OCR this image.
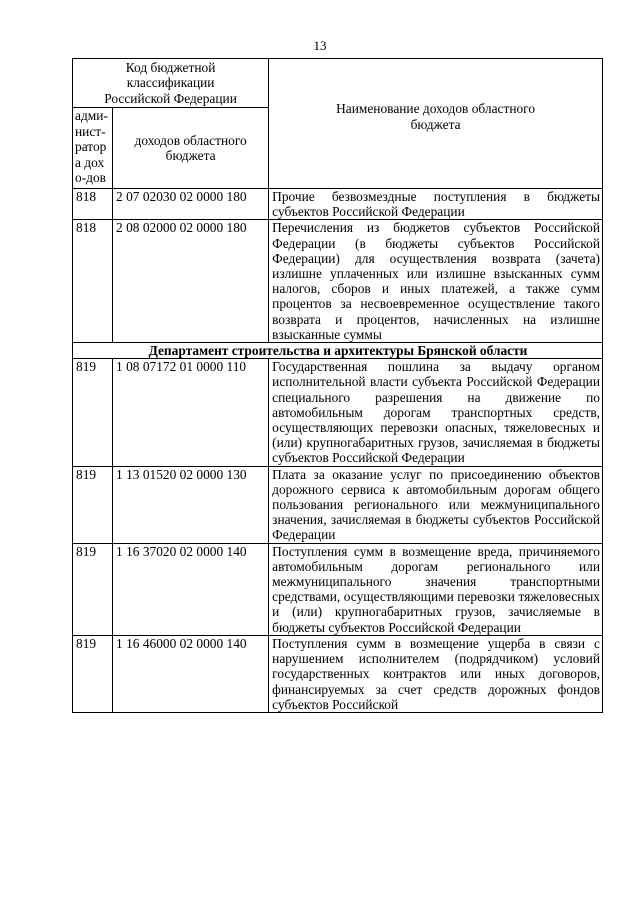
13
Код бюджетной классификации Российской Федерации		Наименование доходов областного бюджета
адми-нист-ратора дохо-дов	доходов областного бюджета	
818	2 07 02030 02 0000 180	Прочие безвозмездные поступления в бюджеты субъектов Российской Федерации
818	2 08 02000 02 0000 180	Перечисления из бюджетов субъектов Российской Федерации (в бюджеты субъектов Российской Федерации) для осуществления возврата (зачета) излишне уплаченных или излишне взысканных сумм налогов, сборов и иных платежей, а также сумм процентов за несвоевременное осуществление такого возврата и процентов, начисленных на излишне взысканные суммы
Департамент строительства и архитектуры Брянской области		
819	1 08 07172 01 0000 110	Государственная пошлина за выдачу органом исполнительной власти субъекта Российской Федерации специального разрешения на движение по автомобильным дорогам транспортных средств, осуществляющих перевозки опасных, тяжеловесных и (или) крупногабаритных грузов, зачисляемая в бюджеты субъектов Российской Федерации
819	1 13 01520 02 0000 130	Плата за оказание услуг по присоединению объектов дорожного сервиса к автомобильным дорогам общего пользования регионального или межмуниципального значения, зачисляемая в бюджеты субъектов Российской Федерации
819	1 16 37020 02 0000 140	Поступления сумм в возмещение вреда, причиняемого автомобильным дорогам регионального или межмуниципального значения транспортными средствами, осуществляющими перевозки тяжеловесных и (или) крупногабаритных грузов, зачисляемые в бюджеты субъектов Российской Федерации
819	1 16 46000 02 0000 140	Поступления сумм в возмещение ущерба в связи с нарушением исполнителем (подрядчиком) условий государственных контрактов или иных договоров, финансируемых за счет средств дорожных фондов субъектов Российской
